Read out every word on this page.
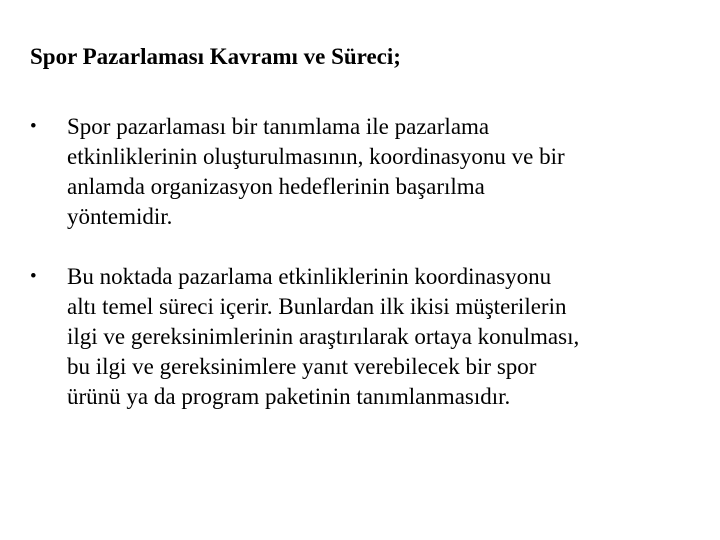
Spor Pazarlaması Kavramı ve Süreci;
• Spor pazarlaması bir tanımlama ile pazarlama
etkinliklerinin oluşturulmasının, koordinasyonu ve bir
anlamda organizasyon hedeflerinin başarılma
yöntemidir.
• Bu noktada pazarlama etkinliklerinin koordinasyonu
altı temel süreci içerir. Bunlardan ilk ikisi müşterilerin
ilgi ve gereksinimlerinin araştırılarak ortaya konulması,
bu ilgi ve gereksinimlere yanıt verebilecek bir spor
ürünü ya da program paketinin tanımlanmasıdır.
